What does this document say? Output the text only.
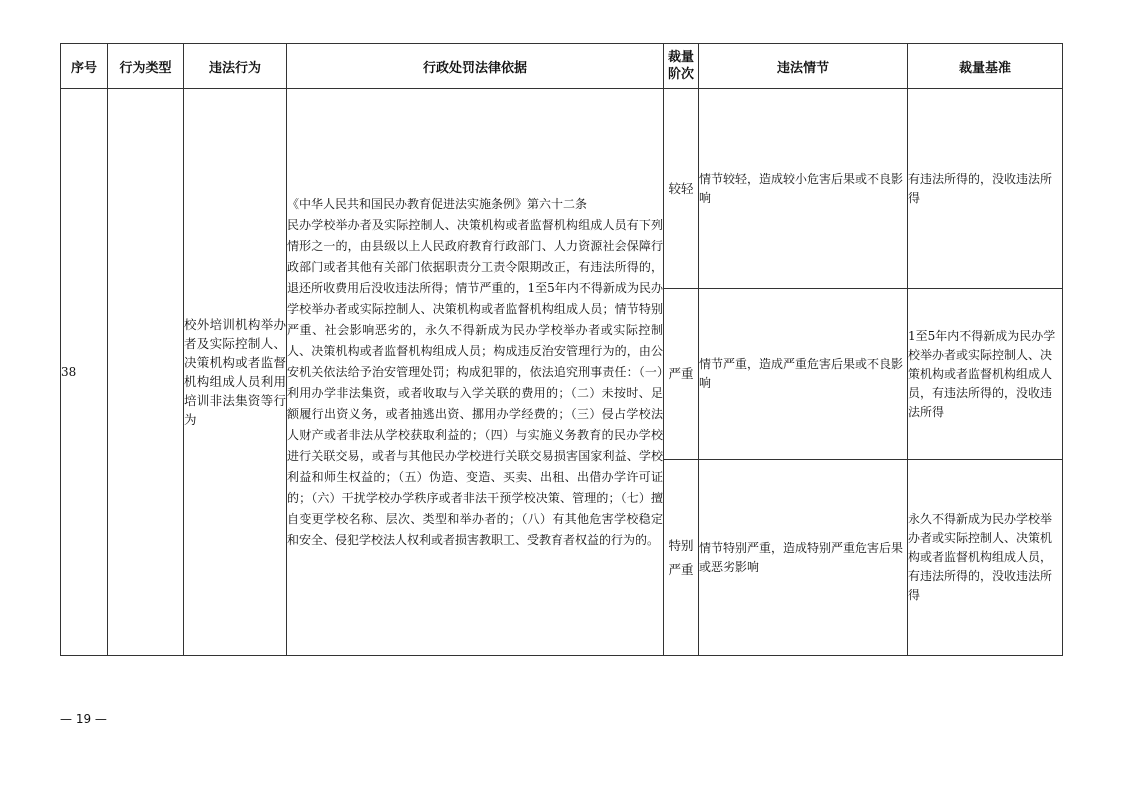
序号	行为类型	违法行为	行政处罚法律依据	裁量阶次	违法情节	裁量基准
38		校外培训机构举办者及实际控制人、决策机构或者监督机构组成人员利用培训非法集资等行为	《中华人民共和国民办教育促进法实施条例》第六十二条
民办学校举办者及实际控制人、决策机构或者监督机构组成人员有下列情形之一的，由县级以上人民政府教育行政部门、人力资源社会保障行政部门或者其他有关部门依据职责分工责令限期改正，有违法所得的，退还所收费用后没收违法所得；情节严重的，1至5年内不得新成为民办学校举办者或实际控制人、决策机构或者监督机构组成人员；情节特别严重、社会影响恶劣的，永久不得新成为民办学校举办者或实际控制人、决策机构或者监督机构组成人员；构成违反治安管理行为的，由公安机关依法给予治安管理处罚；构成犯罪的，依法追究刑事责任：（一）利用办学非法集资，或者收取与入学关联的费用的；（二）未按时、足额履行出资义务，或者抽逃出资、挪用办学经费的；（三）侵占学校法人财产或者非法从学校获取利益的；（四）与实施义务教育的民办学校进行关联交易，或者与其他民办学校进行关联交易损害国家利益、学校利益和师生权益的；（五）伪造、变造、买卖、出租、出借办学许可证的；（六）干扰学校办学秩序或者非法干预学校决策、管理的；（七）擅自变更学校名称、层次、类型和举办者的；（八）有其他危害学校稳定和安全、侵犯学校法人权利或者损害教职工、受教育者权益的行为的。	较轻	情节较轻，造成较小危害后果或不良影响	有违法所得的，没收违法所得
				严重	情节严重，造成严重危害后果或不良影响	1至5年内不得新成为民办学校举办者或实际控制人、决策机构或者监督机构组成人员，有违法所得的，没收违法所得
				特别严重	情节特别严重，造成特别严重危害后果或恶劣影响	永久不得新成为民办学校举办者或实际控制人、决策机构或者监督机构组成人员，有违法所得的，没收违法所得
— 19 —
